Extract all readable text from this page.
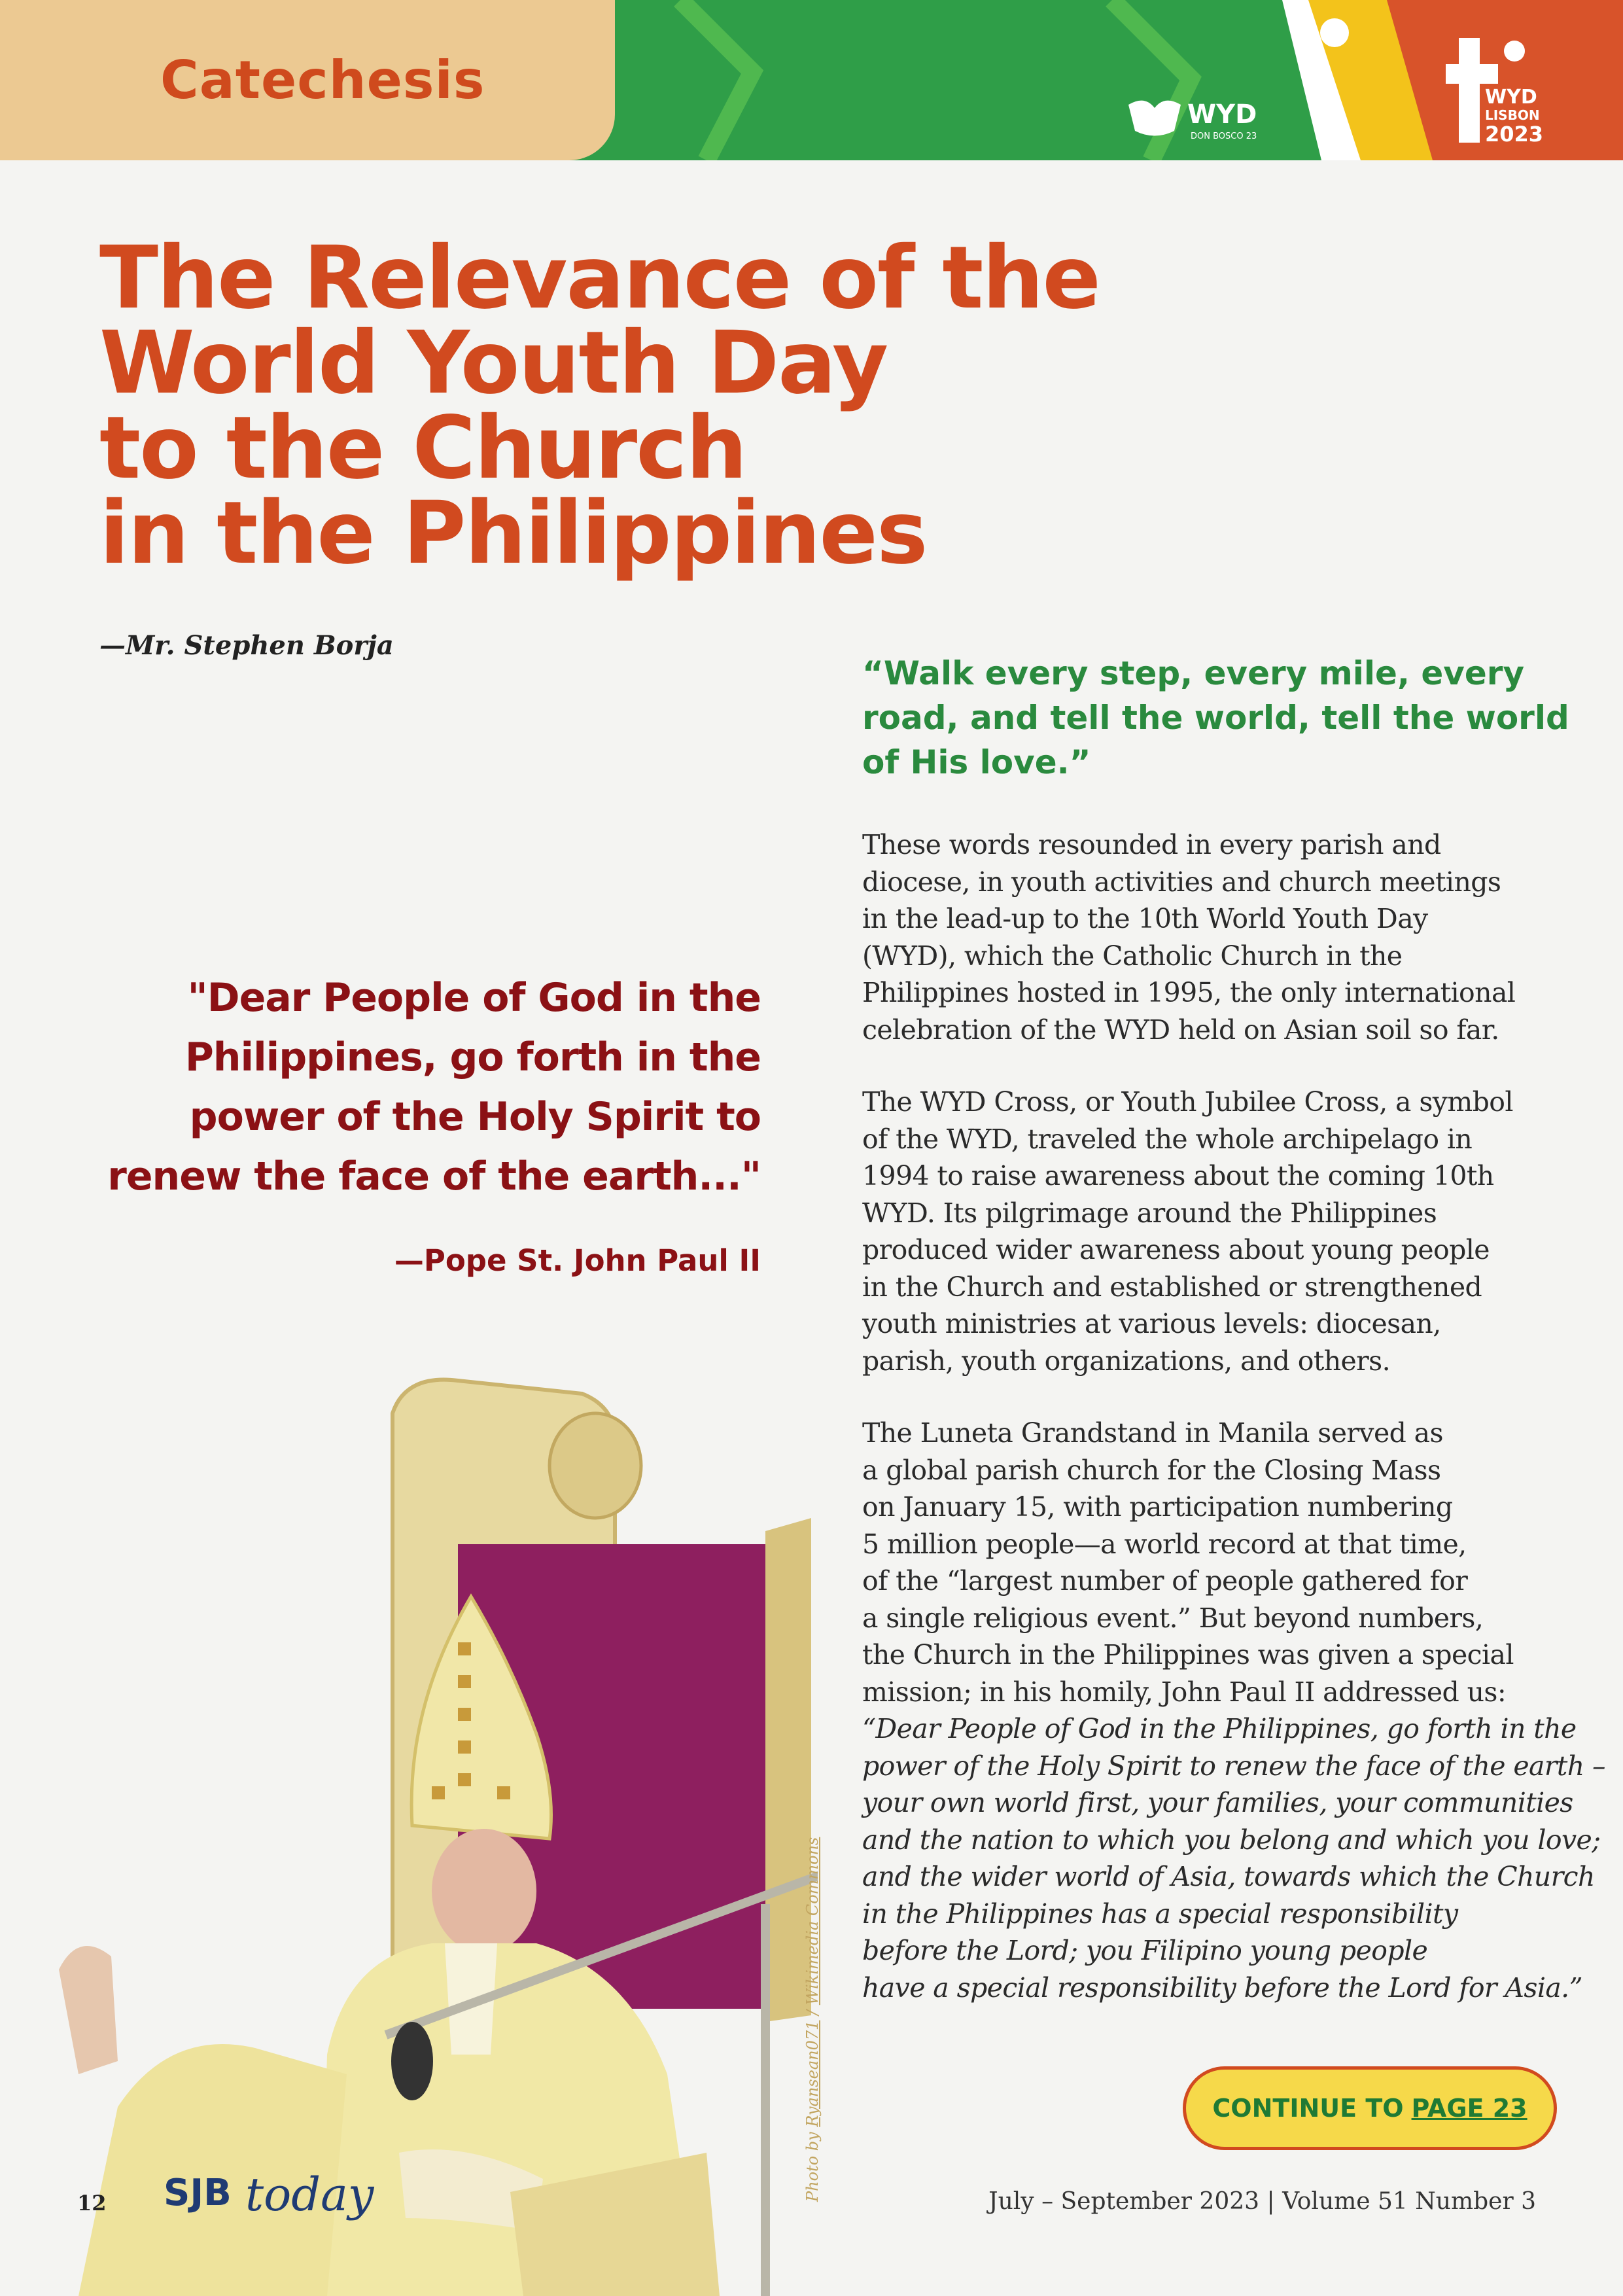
Catechesis
WYD
DON BOSCO 23
WYD
LISBON
2023
The Relevance of the
World Youth Day
to the Church
in the Philippines
—Mr. Stephen Borja
“Walk every step, every mile, every
road, and tell the world, tell the world
of His love.”
"Dear People of God in the
Philippines, go forth in the
power of the Holy Spirit to
renew the face of the earth..."
—Pope St. John Paul II
These words resounded in every parish and
diocese, in youth activities and church meetings
in the lead-up to the 10th World Youth Day
(WYD), which the Catholic Church in the
Philippines hosted in 1995, the only international
celebration of the WYD held on Asian soil so far.
The WYD Cross, or Youth Jubilee Cross, a symbol
of the WYD, traveled the whole archipelago in
1994 to raise awareness about the coming 10th
WYD. Its pilgrimage around the Philippines
produced wider awareness about young people
in the Church and established or strengthened
youth ministries at various levels: diocesan,
parish, youth organizations, and others.
The Luneta Grandstand in Manila served as
a global parish church for the Closing Mass
on January 15, with participation numbering
5 million people—a world record at that time,
of the “largest number of people gathered for
a single religious event.” But beyond numbers,
the Church in the Philippines was given a special
mission; in his homily, John Paul II addressed us:
“Dear People of God in the Philippines, go forth in the
power of the Holy Spirit to renew the face of the earth –
your own world first, your families, your communities
and the nation to which you belong and which you love;
and the wider world of Asia, towards which the Church
in the Philippines has a special responsibility
before the Lord; you Filipino young people
have a special responsibility before the Lord for Asia.”
Photo by Ryansean071 / Wikimedia Commons
CONTINUE TO PAGE 23
12 SJB today	July – September 2023 | Volume 51 Number 3
